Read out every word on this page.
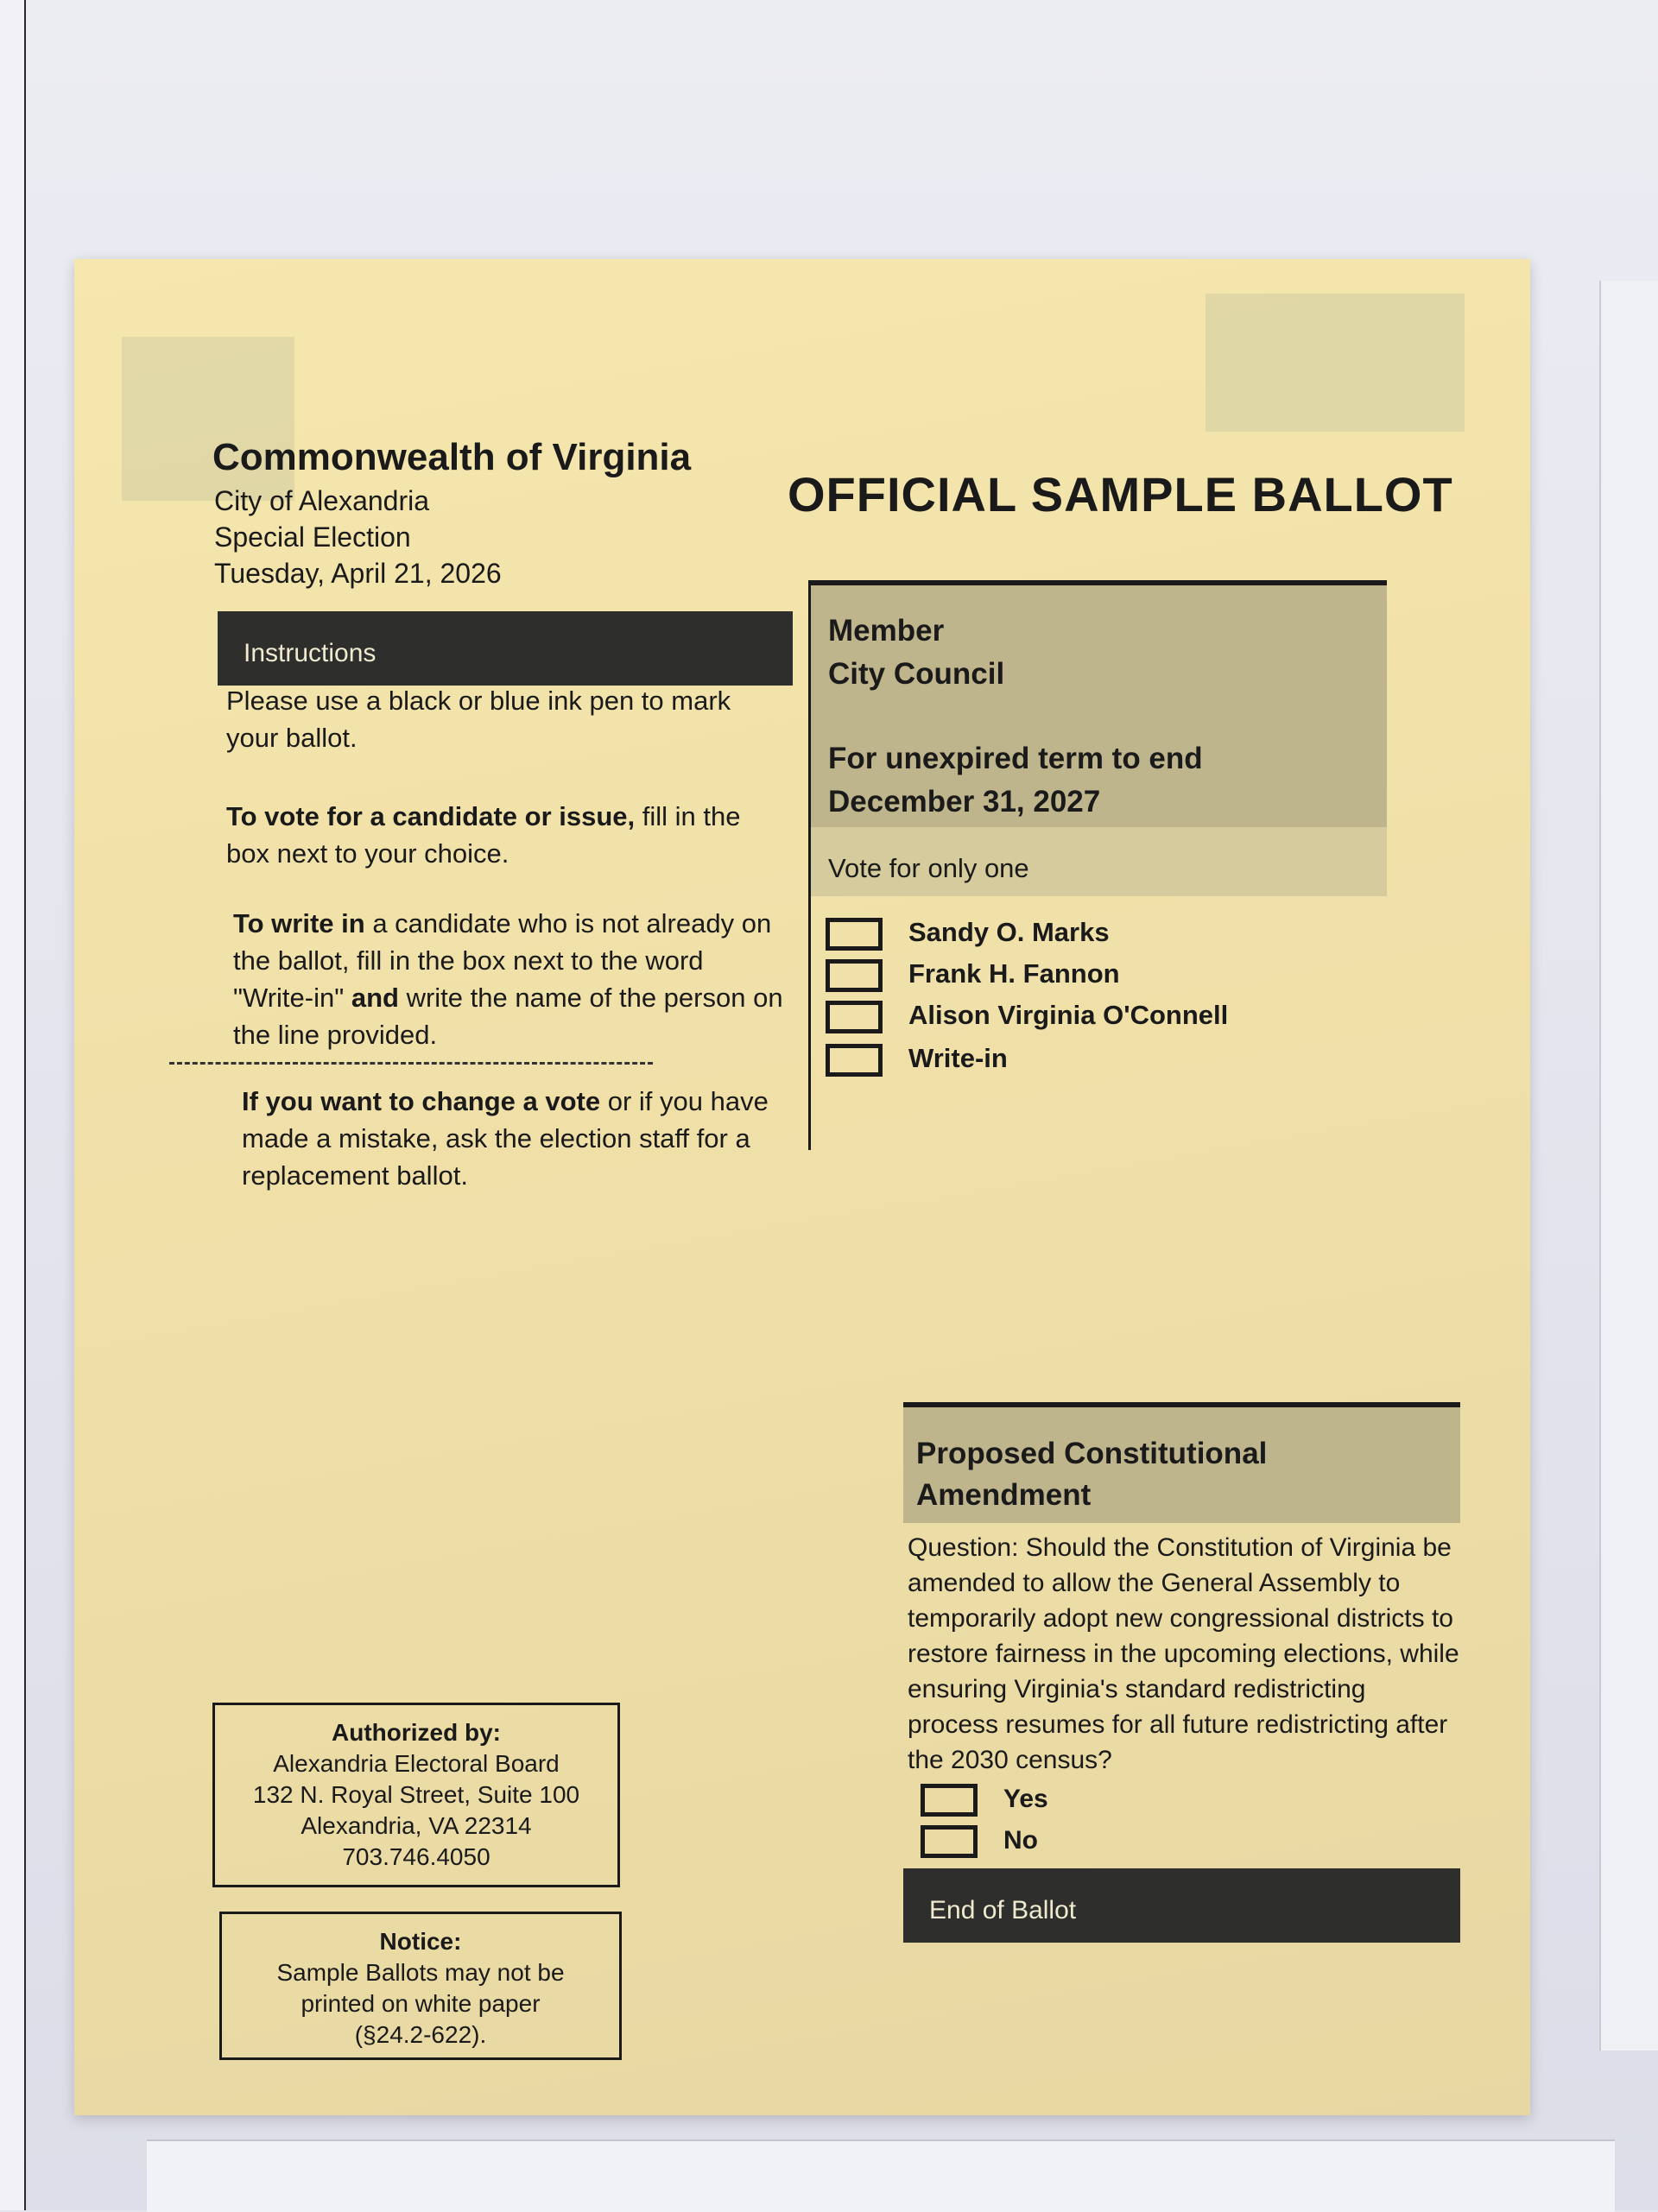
Commonwealth of Virginia
City of Alexandria
Special Election
Tuesday, April 21, 2026
OFFICIAL SAMPLE BALLOT
Instructions
Please use a black or blue ink pen to mark your ballot.
To vote for a candidate or issue, fill in the box next to your choice.
To write in a candidate who is not already on the ballot, fill in the box next to the word "Write-in" and write the name of the person on the line provided.
If you want to change a vote or if you have made a mistake, ask the election staff for a replacement ballot.
Member
City Council
For unexpired term to end
December 31, 2027
Vote for only one
Sandy O. Marks
Frank H. Fannon
Alison Virginia O'Connell
Write-in
Proposed Constitutional
Amendment
Question: Should the Constitution of Virginia be amended to allow the General Assembly to temporarily adopt new congressional districts to restore fairness in the upcoming elections, while ensuring Virginia's standard redistricting process resumes for all future redistricting after the 2030 census?
Yes
No
End of Ballot
Authorized by:
Alexandria Electoral Board
132 N. Royal Street, Suite 100
Alexandria, VA 22314
703.746.4050
Notice:
Sample Ballots may not be
printed on white paper
(§24.2-622).
